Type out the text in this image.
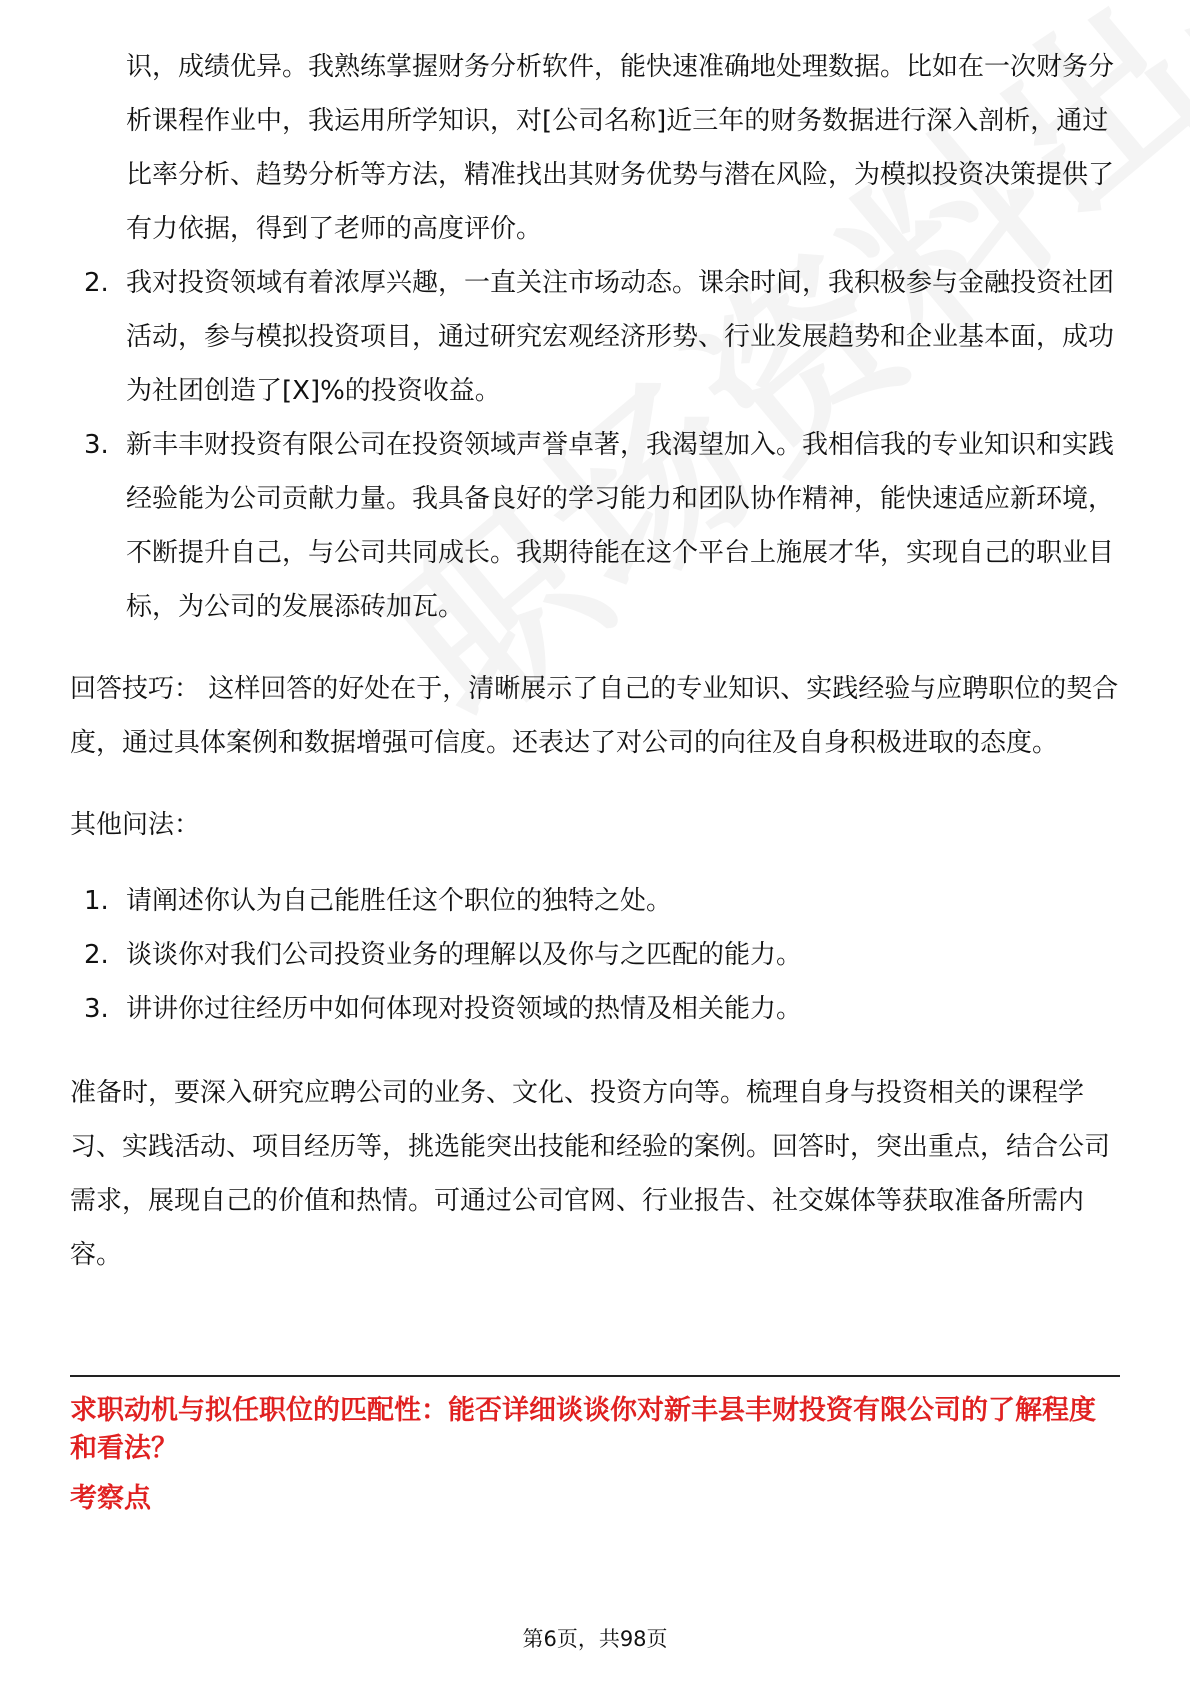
识，成绩优异。我熟练掌握财务分析软件，能快速准确地处理数据。比如在一次财务分析课程作业中，我运用所学知识，对[公司名称]近三年的财务数据进行深入剖析，通过比率分析、趋势分析等方法，精准找出其财务优势与潜在风险，为模拟投资决策提供了有力依据，得到了老师的高度评价。

2. 我对投资领域有着浓厚兴趣，一直关注市场动态。课余时间，我积极参与金融投资社团活动，参与模拟投资项目，通过研究宏观经济形势、行业发展趋势和企业基本面，成功为社团创造了[X]%的投资收益。
3. 新丰丰财投资有限公司在投资领域声誉卓著，我渴望加入。我相信我的专业知识和实践经验能为公司贡献力量。我具备良好的学习能力和团队协作精神，能快速适应新环境，不断提升自己，与公司共同成长。我期待能在这个平台上施展才华，实现自己的职业目标，为公司的发展添砖加瓦。

回答技巧： 这样回答的好处在于，清晰展示了自己的专业知识、实践经验与应聘职位的契合度，通过具体案例和数据增强可信度。还表达了对公司的向往及自身积极进取的态度。

其他问法：

1. 请阐述你认为自己能胜任这个职位的独特之处。
2. 谈谈你对我们公司投资业务的理解以及你与之匹配的能力。
3. 讲讲你过往经历中如何体现对投资领域的热情及相关能力。

准备时，要深入研究应聘公司的业务、文化、投资方向等。梳理自身与投资相关的课程学习、实践活动、项目经历等，挑选能突出技能和经验的案例。回答时，突出重点，结合公司需求，展现自己的价值和热情。可通过公司官网、行业报告、社交媒体等获取准备所需内容。

求职动机与拟任职位的匹配性：能否详细谈谈你对新丰县丰财投资有限公司的了解程度和看法？
考察点
第6页，共98页
